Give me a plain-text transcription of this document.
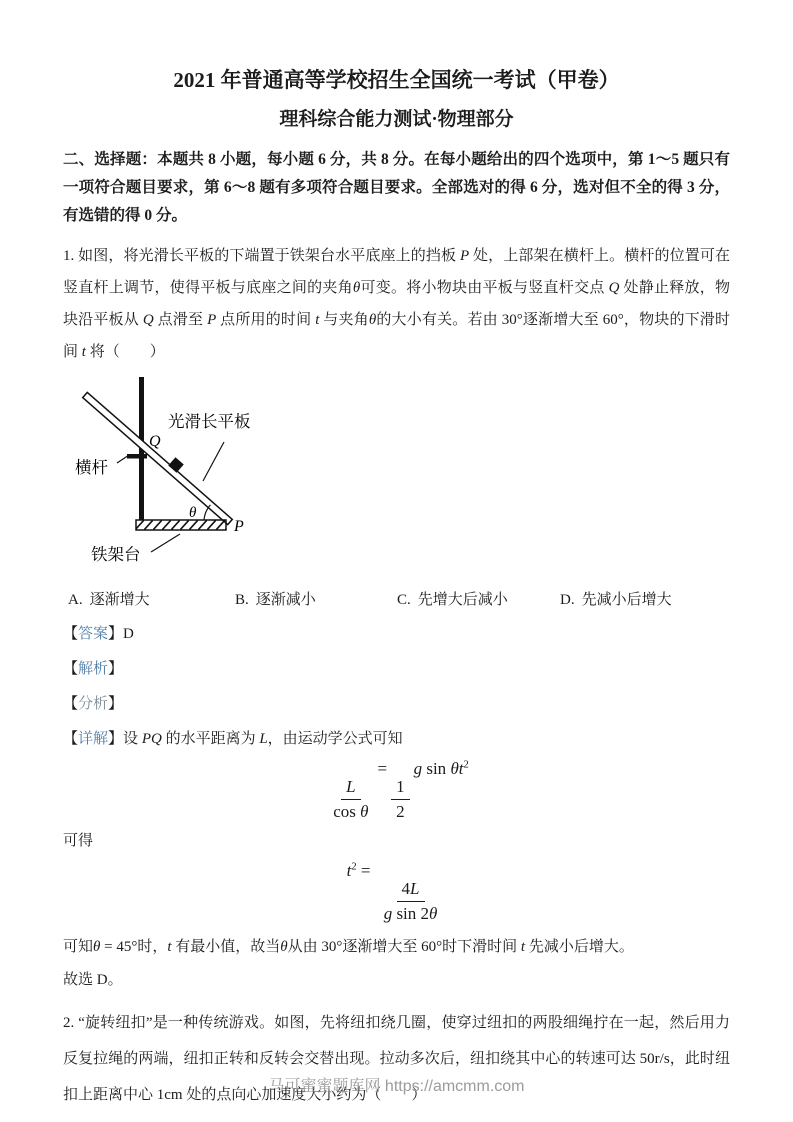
2021 年普通高等学校招生全国统一考试（甲卷）
理科综合能力测试·物理部分
二、选择题：本题共 8 小题，每小题 6 分，共 8 分。在每小题给出的四个选项中，第 1～5 题只有一项符合题目要求，第 6～8 题有多项符合题目要求。全部选对的得 6 分，选对但不全的得 3 分，有选错的得 0 分。
1. 如图，将光滑长平板的下端置于铁架台水平底座上的挡板 P 处，上部架在横杆上。横杆的位置可在竖直杆上调节，使得平板与底座之间的夹角θ可变。将小物块由平板与竖直杆交点 Q 处静止释放，物块沿平板从 Q 点滑至 P 点所用的时间 t 与夹角θ的大小有关。若由 30°逐渐增大至 60°，物块的下滑时间 t 将（　　）
光滑长平板
横杆
铁架台
Q
P
θ
A. 逐渐增大	B. 逐渐减小	C. 先增大后减小	D. 先减小后增大
【答案】D
【解析】
【分析】
【详解】设 PQ 的水平距离为 L，由运动学公式可知
$\frac{L}{\text{cos θ}}$
=
$\frac{1}{2}$
g $\sin \theta t^2$
可得
$t^2$ =
$\frac{4L}{\text{g sin 2θ}}$
可知θ = 45°时，t 有最小值，故当θ从由 30°逐渐增大至 60°时下滑时间 t 先减小后增大。
故选 D。
2. “旋转纽扣”是一种传统游戏。如图，先将纽扣绕几圈，使穿过纽扣的两股细绳拧在一起，然后用力反复拉绳的两端，纽扣正转和反转会交替出现。拉动多次后，纽扣绕其中心的转速可达 50r/s，此时纽扣上距离中心 1cm 处的点向心加速度大小约为（　　）
马可蜜蜜题库网 https://amcmm.com
